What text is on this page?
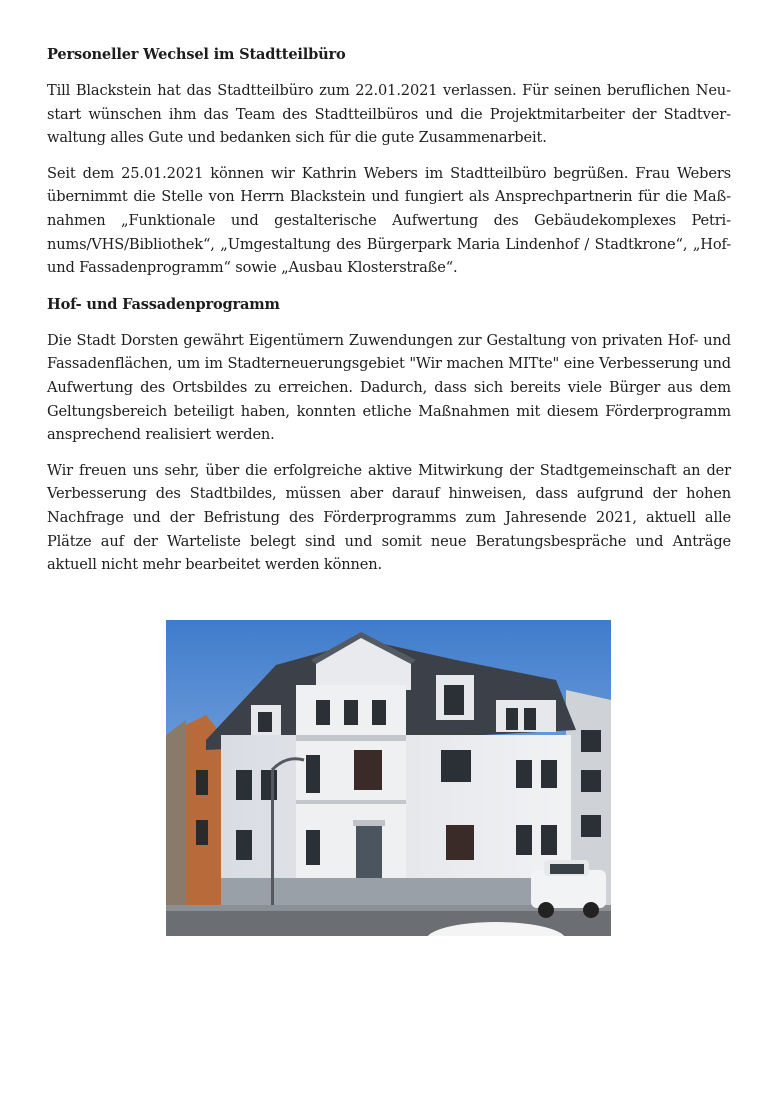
Personeller Wechsel im Stadtteilbüro

Till Blackstein hat das Stadtteilbüro zum 22.01.2021 verlassen. Für seinen beruflichen Neustart wünschen ihm das Team des Stadtteilbüros und die Projektmitarbeiter der Stadtverwaltung alles Gute und bedanken sich für die gute Zusammenarbeit.

Seit dem 25.01.2021 können wir Kathrin Webers im Stadtteilbüro begrüßen. Frau Webers übernimmt die Stelle von Herrn Blackstein und fungiert als Ansprechpartnerin für die Maßnahmen „Funktionale und gestalterische Aufwertung des Gebäudekomplexes Petrinums/VHS/Bibliothek“, „Umgestaltung des Bürgerpark Maria Lindenhof / Stadtkrone“, „Hof- und Fassadenprogramm“ sowie „Ausbau Klosterstraße“.

Hof- und Fassadenprogramm

Die Stadt Dorsten gewährt Eigentümern Zuwendungen zur Gestaltung von privaten Hof- und Fassadenflächen, um im Stadterneuerungsgebiet "Wir machen MITte" eine Verbesserung und Aufwertung des Ortsbildes zu erreichen. Dadurch, dass sich bereits viele Bürger aus dem Geltungsbereich beteiligt haben, konnten etliche Maßnahmen mit diesem Förderprogramm ansprechend realisiert werden.

Wir freuen uns sehr, über die erfolgreiche aktive Mitwirkung der Stadtgemeinschaft an der Verbesserung des Stadtbildes, müssen aber darauf hinweisen, dass aufgrund der hohen Nachfrage und der Befristung des Förderprogramms zum Jahresende 2021, aktuell alle Plätze auf der Warteliste belegt sind und somit neue Beratungsbespräche und Anträge aktuell nicht mehr bearbeitet werden können.
